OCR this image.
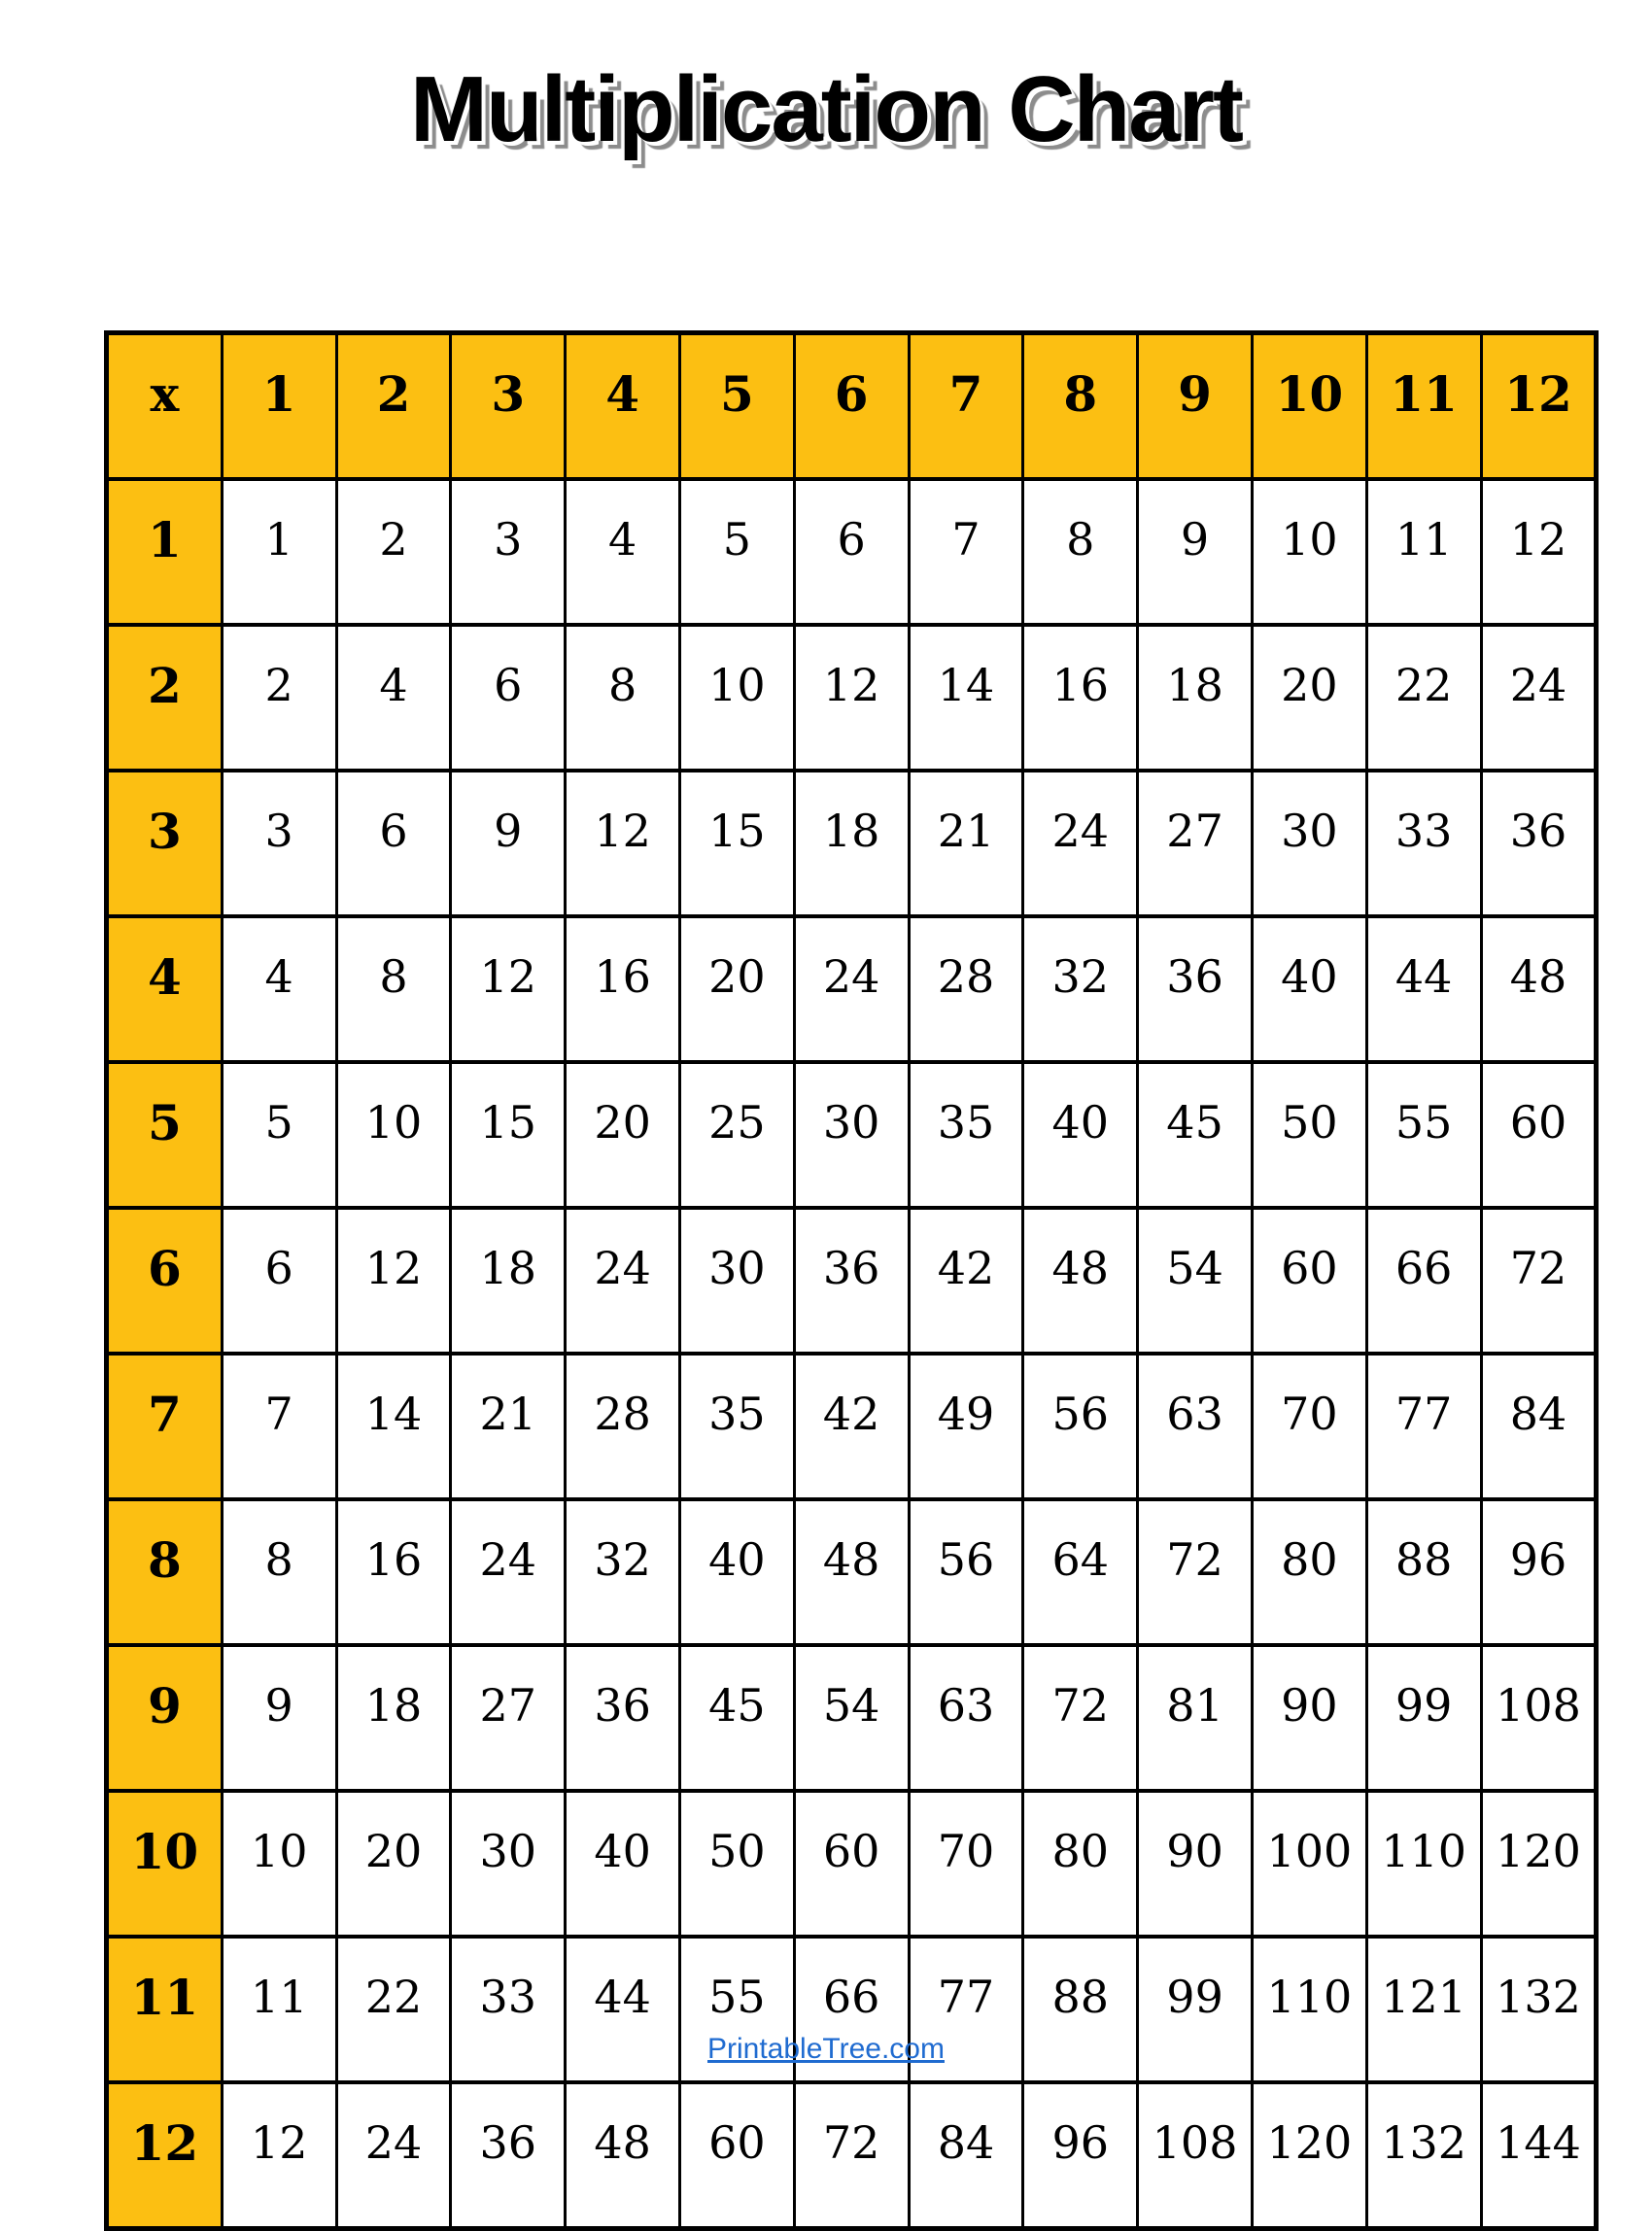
Multiplication Chart
x	1	2	3	4	5	6	7	8	9	10	11	12
1	1	2	3	4	5	6	7	8	9	10	11	12
2	2	4	6	8	10	12	14	16	18	20	22	24
3	3	6	9	12	15	18	21	24	27	30	33	36
4	4	8	12	16	20	24	28	32	36	40	44	48
5	5	10	15	20	25	30	35	40	45	50	55	60
6	6	12	18	24	30	36	42	48	54	60	66	72
7	7	14	21	28	35	42	49	56	63	70	77	84
8	8	16	24	32	40	48	56	64	72	80	88	96
9	9	18	27	36	45	54	63	72	81	90	99	108
10	10	20	30	40	50	60	70	80	90	100	110	120
11	11	22	33	44	55	66	77	88	99	110	121	132
12	12	24	36	48	60	72	84	96	108	120	132	144
PrintableTree.com
